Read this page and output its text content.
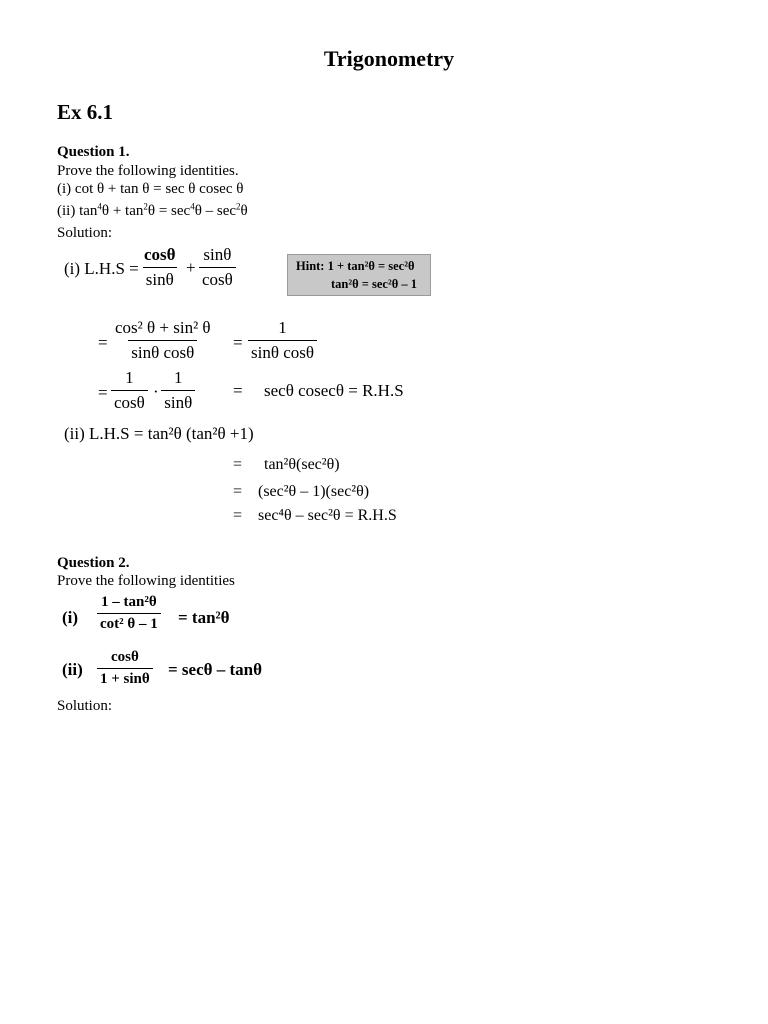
Trigonometry
Ex 6.1
Question 1.
Prove the following identities.
(i) cot θ + tan θ = sec θ cosec θ
(ii) $\tan^4\theta + \tan^2\theta = \sec^4\theta - \sec^2\theta$
Solution:
(i) $L.H.S = \frac{\cos\theta}{\sin\theta} + \frac{\sin\theta}{\cos\theta}$	Hint: 1 + tan²θ = sec²θ
tan²θ = sec²θ – 1
= $\frac{\text{cos² θ + sin² θ}}{\text{sinθ cosθ}} = \frac{1}{\text{sinθ cosθ}}$
= $\frac{1}{\cos\theta} \cdot \frac{1}{\sin\theta} = \sec\theta$ cosecθ = R.H.S
(ii) L.H.S = tan²θ (tan²θ +1)
= tan²θ(sec²θ)
= (sec²θ – 1)(sec²θ)
= sec⁴θ – sec²θ = R.H.S
Question 2.
Prove the following identities
$(i) \frac{\text{1 – tan²θ}}{\text{cot² θ – 1}} = \tan^2\theta$
$(ii) \frac{\cos\theta}{1 + \sin\theta} = \sec\theta - \tan\theta$
Solution:
